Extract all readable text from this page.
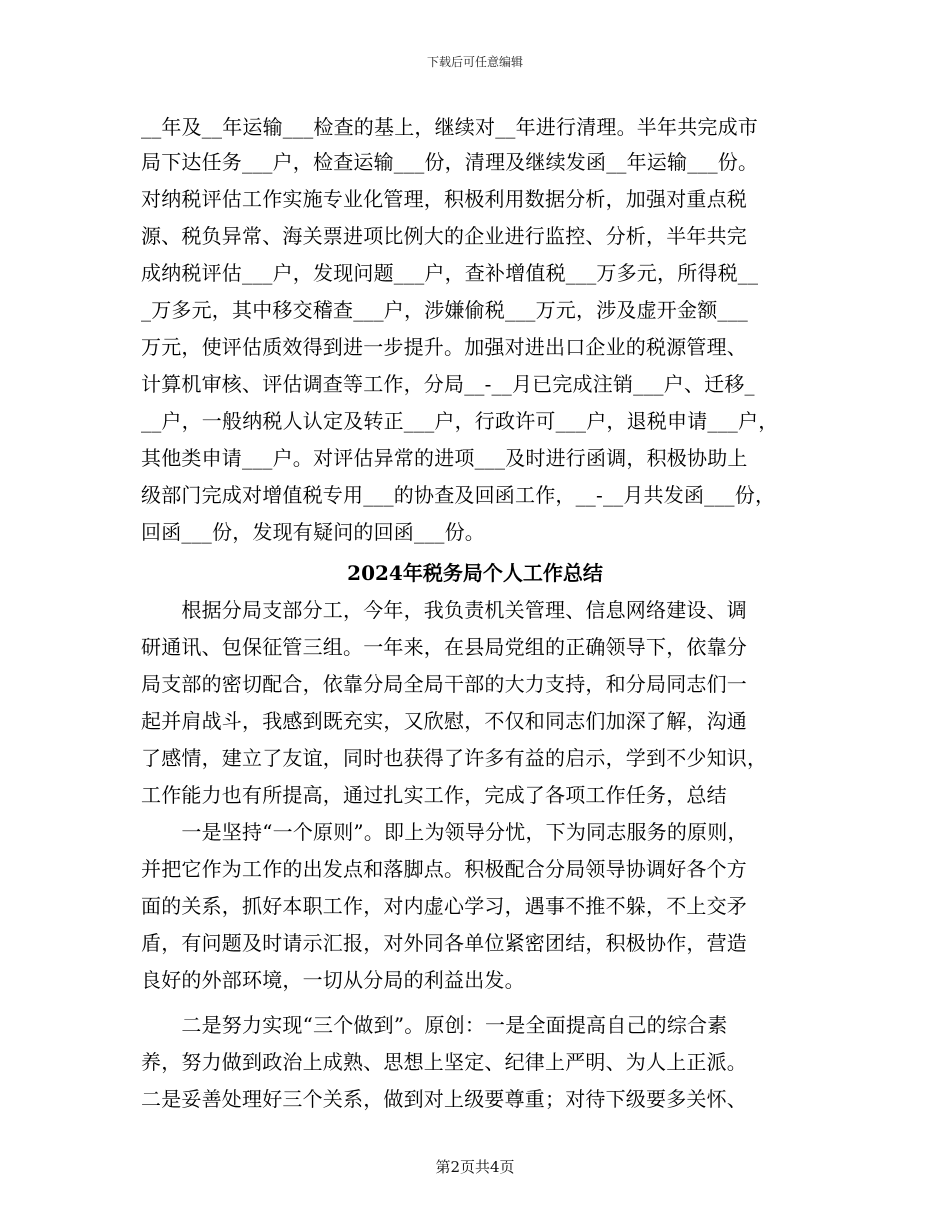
下载后可任意编辑
__年及__年运输___检查的基上，继续对__年进行清理。半年共完成市
局下达任务___户，检查运输___份，清理及继续发函__年运输___份。
对纳税评估工作实施专业化管理，积极利用数据分析，加强对重点税
源、税负异常、海关票进项比例大的企业进行监控、分析，半年共完
成纳税评估___户，发现问题___户，查补增值税___万多元，所得税__
_万多元，其中移交稽查___户，涉嫌偷税___万元，涉及虚开金额___
万元，使评估质效得到进一步提升。加强对进出口企业的税源管理、
计算机审核、评估调查等工作，分局__-__月已完成注销___户、迁移_
__户，一般纳税人认定及转正___户，行政许可___户，退税申请___户，
其他类申请___户。对评估异常的进项___及时进行函调，积极协助上
级部门完成对增值税专用___的协查及回函工作，__-__月共发函___份，
回函___份，发现有疑问的回函___份。
2024年税务局个人工作总结
　　根据分局支部分工，今年，我负责机关管理、信息网络建设、调
研通讯、包保征管三组。一年来，在县局党组的正确领导下，依靠分
局支部的密切配合，依靠分局全局干部的大力支持，和分局同志们一
起并肩战斗，我感到既充实，又欣慰，不仅和同志们加深了解，沟通
了感情，建立了友谊，同时也获得了许多有益的启示，学到不少知识，
工作能力也有所提高，通过扎实工作，完成了各项工作任务，总结
　　一是坚持“一个原则”。即上为领导分忧，下为同志服务的原则，
并把它作为工作的出发点和落脚点。积极配合分局领导协调好各个方
面的关系，抓好本职工作，对内虚心学习，遇事不推不躲，不上交矛
盾，有问题及时请示汇报，对外同各单位紧密团结，积极协作，营造
良好的外部环境，一切从分局的利益出发。
　　二是努力实现“三个做到”。原创：一是全面提高自己的综合素
养，努力做到政治上成熟、思想上坚定、纪律上严明、为人上正派。
二是妥善处理好三个关系，做到对上级要尊重；对待下级要多关怀、
第2页共4页
